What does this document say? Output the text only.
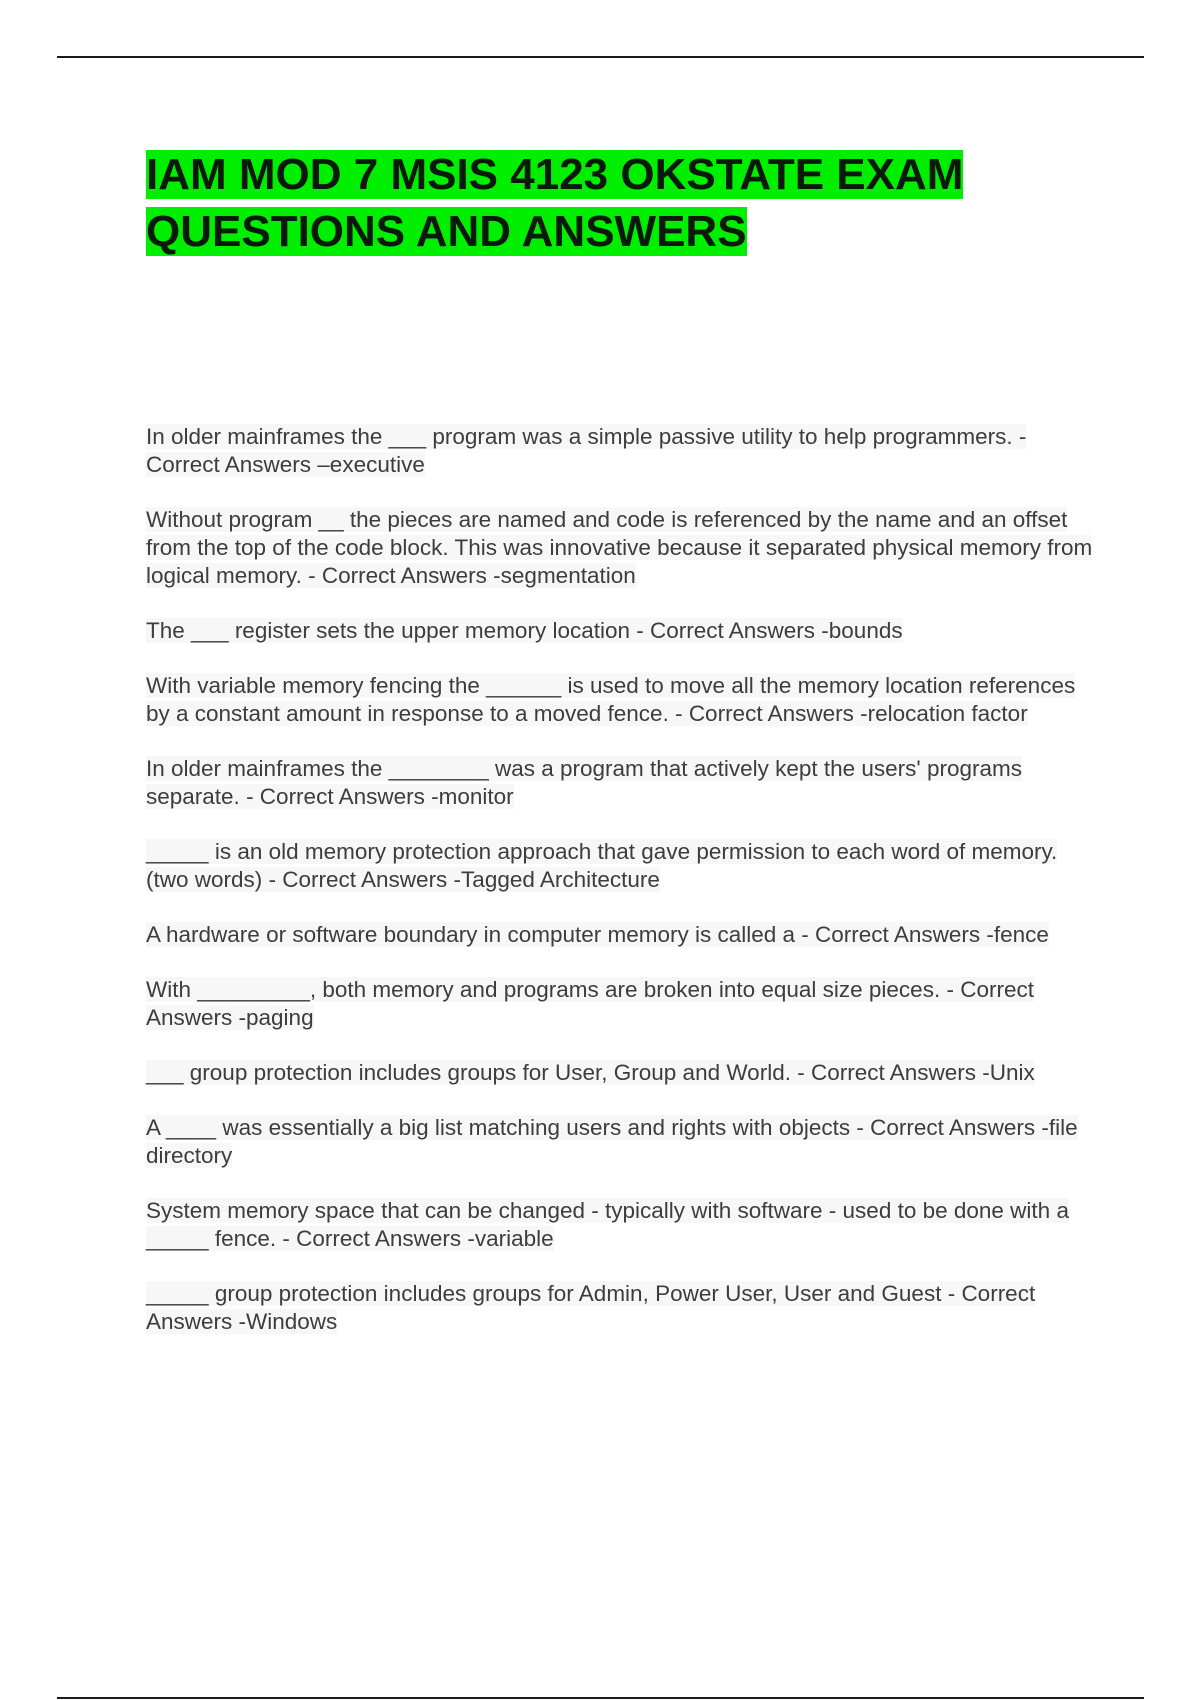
IAM MOD 7 MSIS 4123 OKSTATE EXAM QUESTIONS AND ANSWERS
In older mainframes the ___ program was a simple passive utility to help programmers. - Correct Answers –executive
Without program __ the pieces are named and code is referenced by the name and an offset from the top of the code block. This was innovative because it separated physical memory from logical memory. - Correct Answers -segmentation
The ___ register sets the upper memory location - Correct Answers -bounds
With variable memory fencing the ______ is used to move all the memory location references by a constant amount in response to a moved fence. - Correct Answers -relocation factor
In older mainframes the ________ was a program that actively kept the users' programs separate. - Correct Answers -monitor
_____ is an old memory protection approach that gave permission to each word of memory. (two words) - Correct Answers -Tagged Architecture
A hardware or software boundary in computer memory is called a - Correct Answers -fence
With _________, both memory and programs are broken into equal size pieces. - Correct Answers -paging
___ group protection includes groups for User, Group and World. - Correct Answers -Unix
A ____ was essentially a big list matching users and rights with objects - Correct Answers -file directory
System memory space that can be changed - typically with software - used to be done with a _____ fence. - Correct Answers -variable
_____ group protection includes groups for Admin, Power User, User and Guest - Correct Answers -Windows
